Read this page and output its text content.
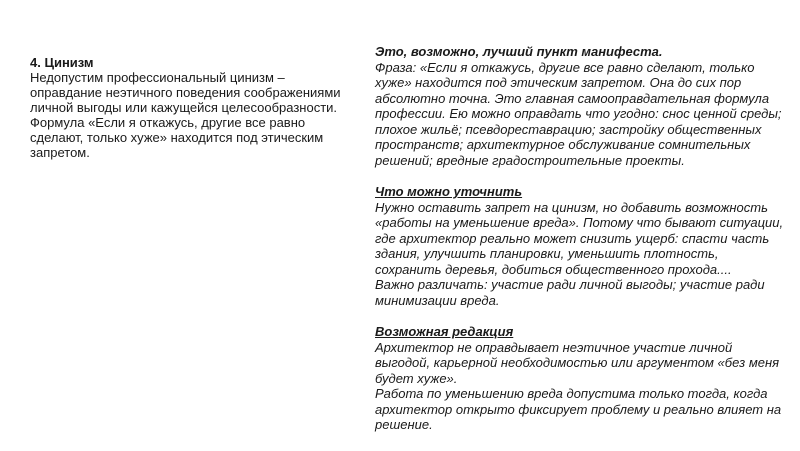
4. Цинизм

Недопустим профессиональный цинизм – оправдание неэтичного поведения соображениями личной выгоды или кажущейся целесообразности. Формула «Если я откажусь, другие все равно сделают, только хуже» находится под этическим запретом.

Это, возможно, лучший пункт манифеста.

Фраза: «Если я откажусь, другие все равно сделают, только хуже» находится под этическим запретом. Она до сих пор абсолютно точна. Это главная самооправдательная формула профессии. Ею можно оправдать что угодно: снос ценной среды; плохое жильё; псевдореставрацию; застройку общественных пространств; архитектурное обслуживание сомнительных решений; вредные градостроительные проекты.

Что можно уточнить

Нужно оставить запрет на цинизм, но добавить возможность «работы на уменьшение вреда». Потому что бывают ситуации, где архитектор реально может снизить ущерб: спасти часть здания, улучшить планировки, уменьшить плотность, сохранить деревья, добиться общественного прохода....

Важно различать: участие ради личной выгоды; участие ради минимизации вреда.

Возможная редакция

Архитектор не оправдывает неэтичное участие личной выгодой, карьерной необходимостью или аргументом «без меня будет хуже».

Работа по уменьшению вреда допустима только тогда, когда архитектор открыто фиксирует проблему и реально влияет на решение.
